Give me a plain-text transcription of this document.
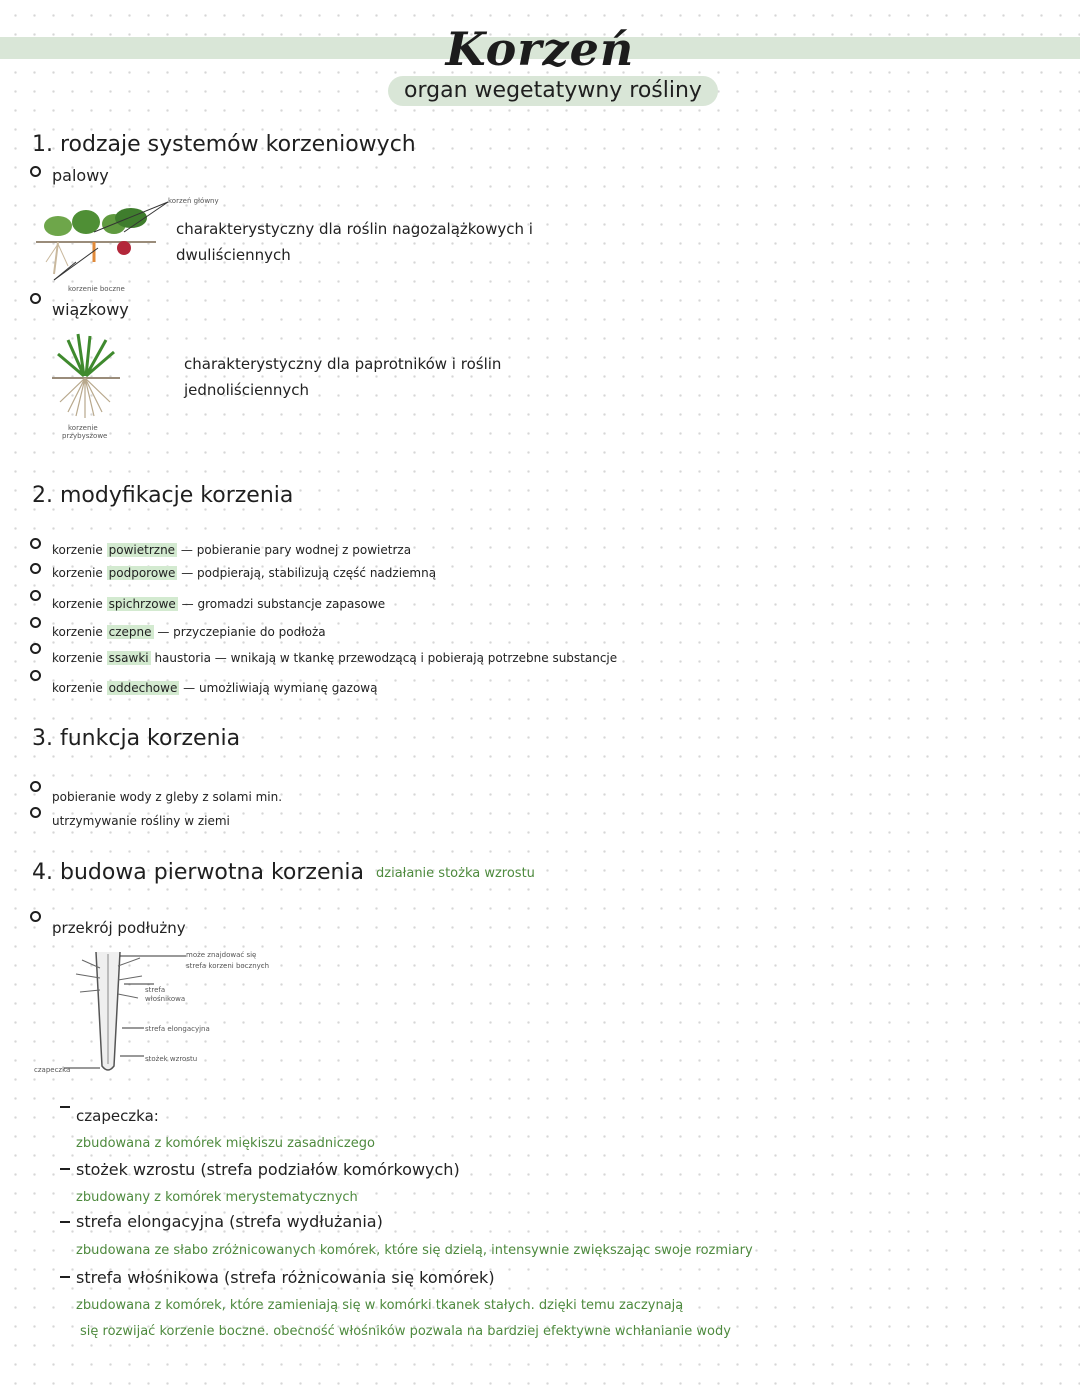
Korzeń
organ wegetatywny rośliny
1. rodzaje systemów korzeniowych
palowy
korzeń główny
korzenie boczne
charakterystyczny dla roślin nagozalążkowych i
dwuliściennych
wiązkowy
korzenie
przybyszowe
charakterystyczny dla paprotników i roślin
jednoliściennych
2. modyfikacje korzenia
korzenie powietrzne — pobieranie pary wodnej z powietrza
korzenie podporowe — podpierają, stabilizują część nadziemną
korzenie spichrzowe — gromadzi substancje zapasowe
korzenie czepne — przyczepianie do podłoża
korzenie ssawki haustoria — wnikają w tkankę przewodzącą i pobierają potrzebne substancje
korzenie oddechowe — umożliwiają wymianę gazową
3. funkcja korzenia
pobieranie wody z gleby z solami min.
utrzymywanie rośliny w ziemi
4. budowa pierwotna korzenia działanie stożka wzrostu
przekrój podłużny
może znajdować się
strefa korzeni bocznych
strefa
włośnikowa
strefa elongacyjna
stożek wzrostu
czapeczka
czapeczka:
zbudowana z komórek miękiszu zasadniczego
stożek wzrostu (strefa podziałów komórkowych)
zbudowany z komórek merystematycznych
strefa elongacyjna (strefa wydłużania)
zbudowana ze słabo zróżnicowanych komórek, które się dzielą, intensywnie zwiększając swoje rozmiary
strefa włośnikowa (strefa różnicowania się komórek)
zbudowana z komórek, które zamieniają się w komórki tkanek stałych. dzięki temu zaczynają
się rozwijać korzenie boczne. obecność włośników pozwala na bardziej efektywne wchłanianie wody
